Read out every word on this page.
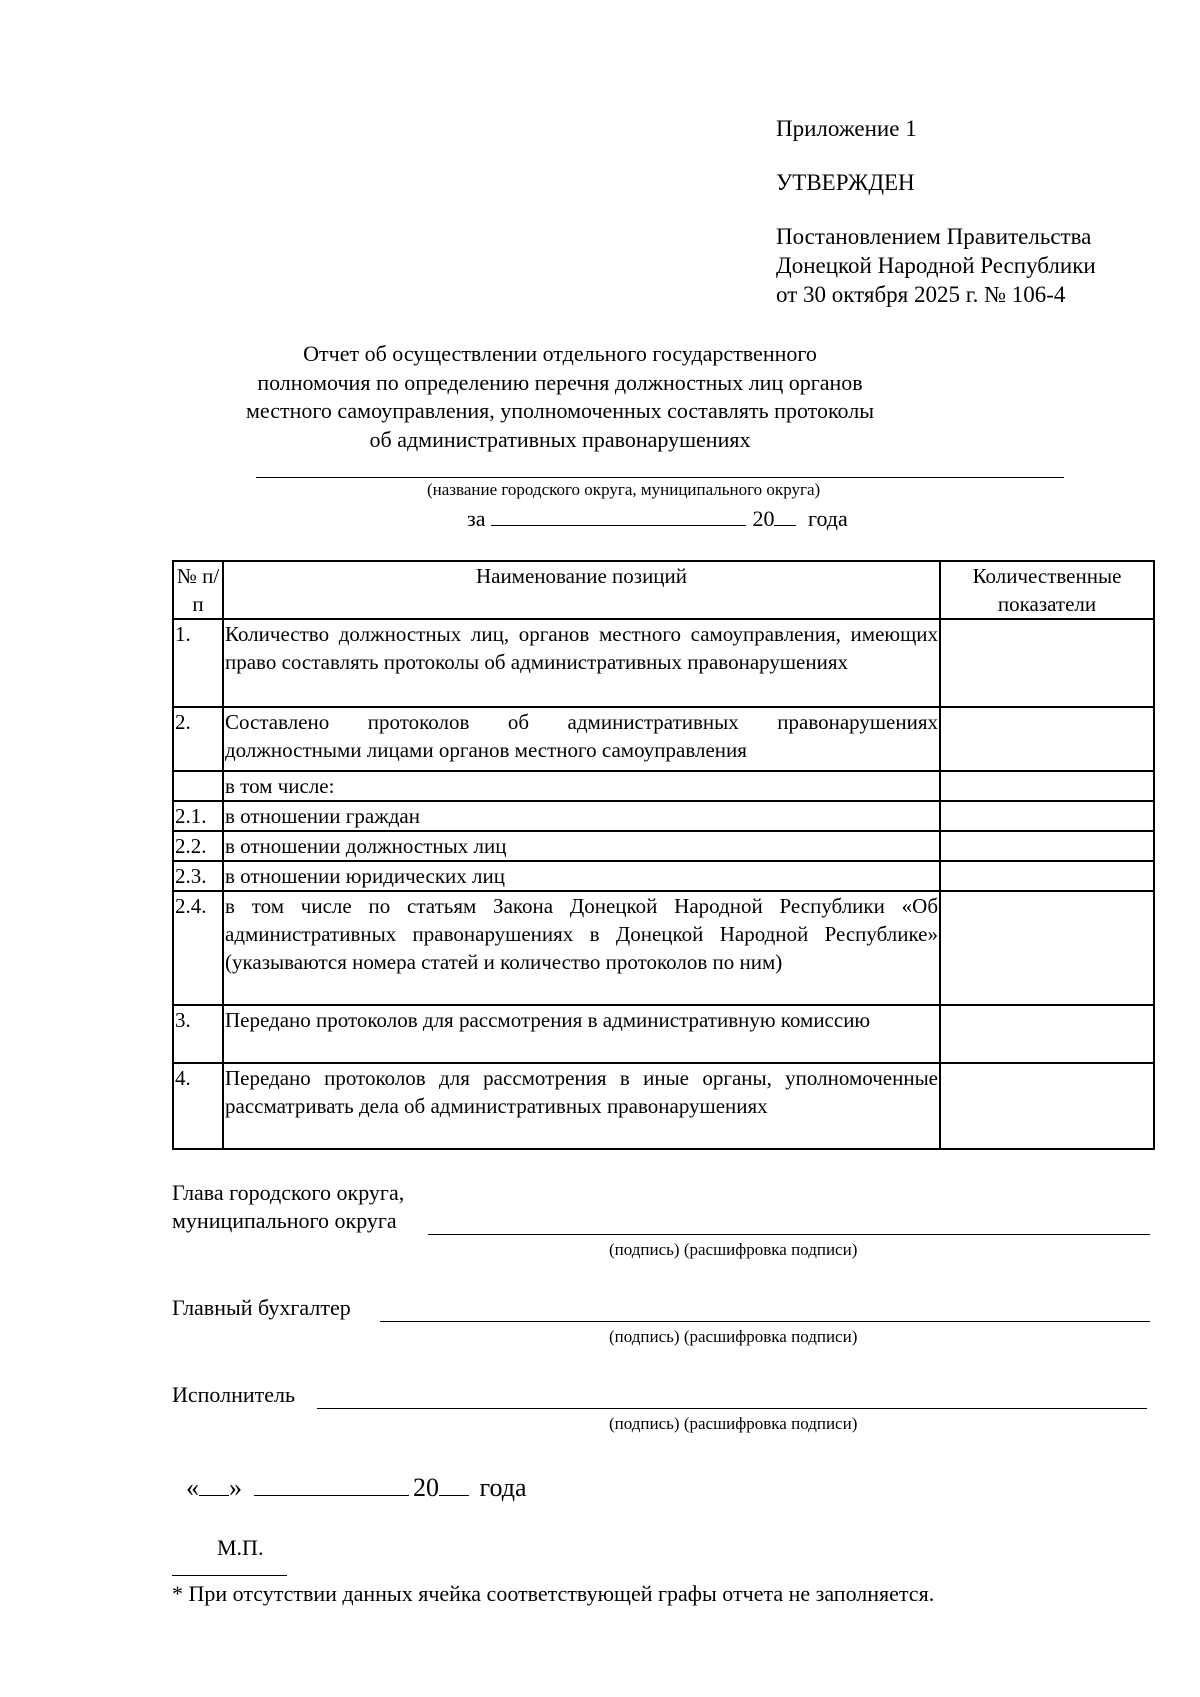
Приложение 1
УТВЕРЖДЕН
Постановлением Правительства
Донецкой Народной Республики
от 30 октября 2025 г. № 106-4
Отчет об осуществлении отдельного государственного
полномочия по определению перечня должностных лиц органов
местного самоуправления, уполномоченных составлять протоколы
об административных правонарушениях
(название городского округа, муниципального округа)
за	20 года
№ п/п	Наименование позиций	Количественные показатели
1.	Количество должностных лиц, органов местного самоуправления, имеющих право составлять протоколы об административных правонарушениях	
2.	Составлено протоколов об административных правонарушениях должностными лицами органов местного самоуправления	
	в том числе:	
2.1.	в отношении граждан	
2.2.	в отношении должностных лиц	
2.3.	в отношении юридических лиц	
2.4.	в том числе по статьям Закона Донецкой Народной Республики «Об административных правонарушениях в Донецкой Народной Республике» (указываются номера статей и количество протоколов по ним)	
3.	Передано протоколов для рассмотрения в административную комиссию	
4.	Передано протоколов для рассмотрения в иные органы, уполномоченные рассматривать дела об административных правонарушениях	
Глава городского округа,
муниципального округа
(подпись) (расшифровка подписи)
Главный бухгалтер
(подпись) (расшифровка подписи)
Исполнитель
(подпись) (расшифровка подписи)
« »	20 года
М.П.
* При отсутствии данных ячейка соответствующей графы отчета не заполняется.
